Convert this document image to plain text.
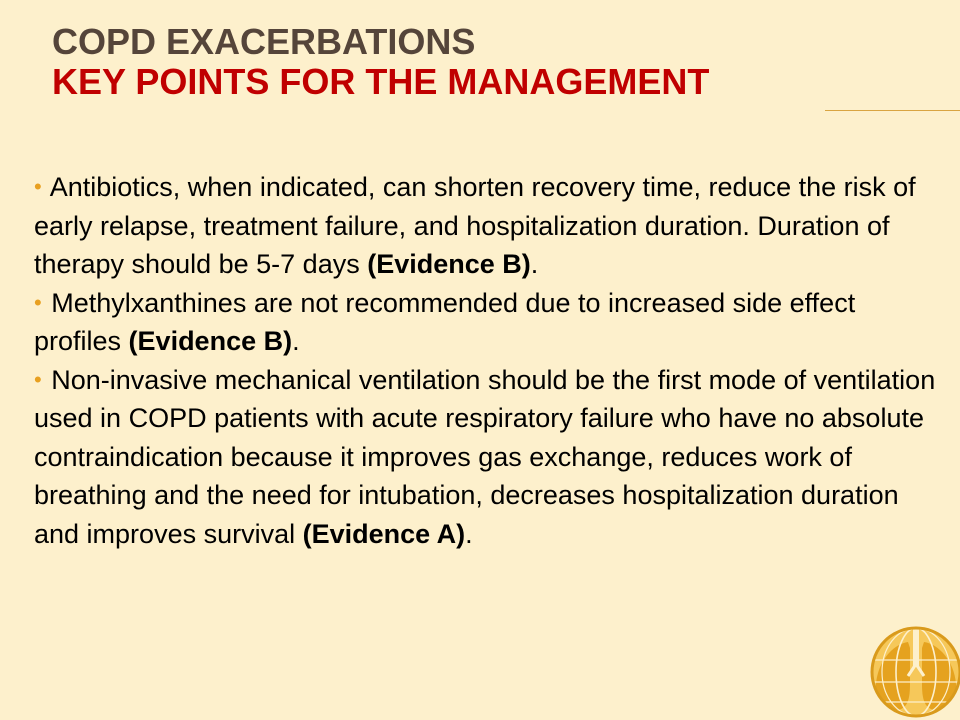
COPD EXACERBATIONS
KEY POINTS FOR THE MANAGEMENT

• Antibiotics, when indicated, can shorten recovery time, reduce the risk of early relapse, treatment failure, and hospitalization duration. Duration of therapy should be 5-7 days (Evidence B).

• Methylxanthines are not recommended due to increased side effect profiles (Evidence B).

• Non-invasive mechanical ventilation should be the first mode of ventilation used in COPD patients with acute respiratory failure who have no absolute contraindication because it improves gas exchange, reduces work of breathing and the need for intubation, decreases hospitalization duration and improves survival (Evidence A).
